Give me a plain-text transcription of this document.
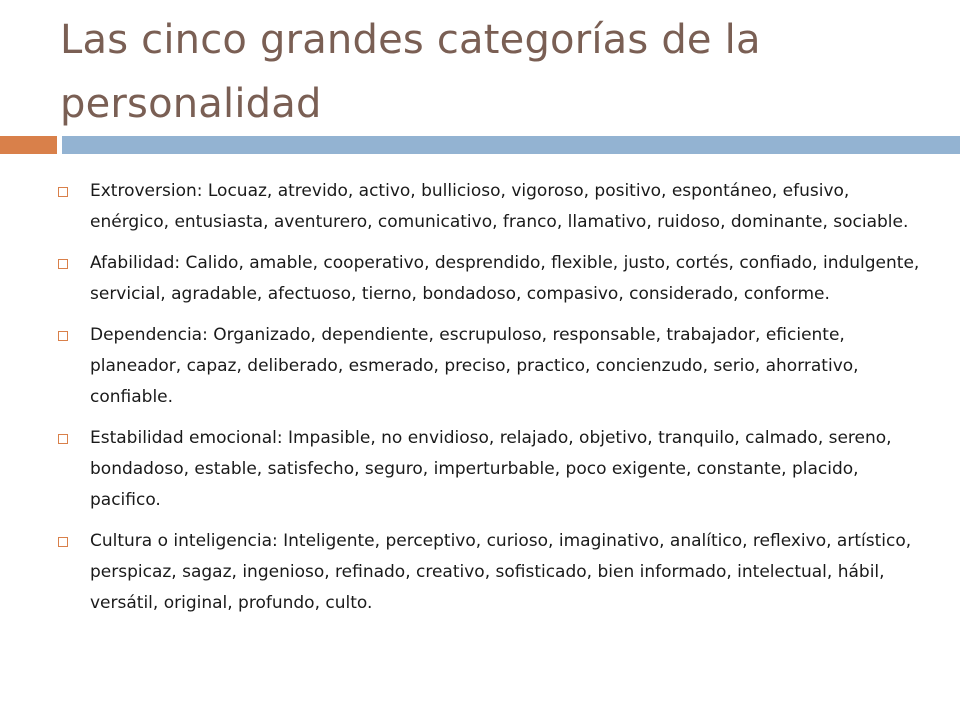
Las cinco grandes categorías de la personalidad
Extroversion: Locuaz, atrevido, activo, bullicioso, vigoroso, positivo, espontáneo, efusivo, enérgico, entusiasta, aventurero, comunicativo, franco, llamativo, ruidoso, dominante, sociable.
Afabilidad: Calido, amable, cooperativo, desprendido, flexible, justo, cortés, confiado, indulgente, servicial, agradable, afectuoso, tierno, bondadoso, compasivo, considerado, conforme.
Dependencia: Organizado, dependiente, escrupuloso, responsable, trabajador, eficiente, planeador, capaz, deliberado, esmerado, preciso, practico, concienzudo, serio, ahorrativo, confiable.
Estabilidad emocional: Impasible, no envidioso, relajado, objetivo, tranquilo, calmado, sereno, bondadoso, estable, satisfecho, seguro, imperturbable, poco exigente, constante, placido, pacifico.
Cultura o inteligencia: Inteligente, perceptivo, curioso, imaginativo, analítico, reflexivo, artístico, perspicaz, sagaz, ingenioso, refinado, creativo, sofisticado, bien informado, intelectual, hábil, versátil, original, profundo, culto.
